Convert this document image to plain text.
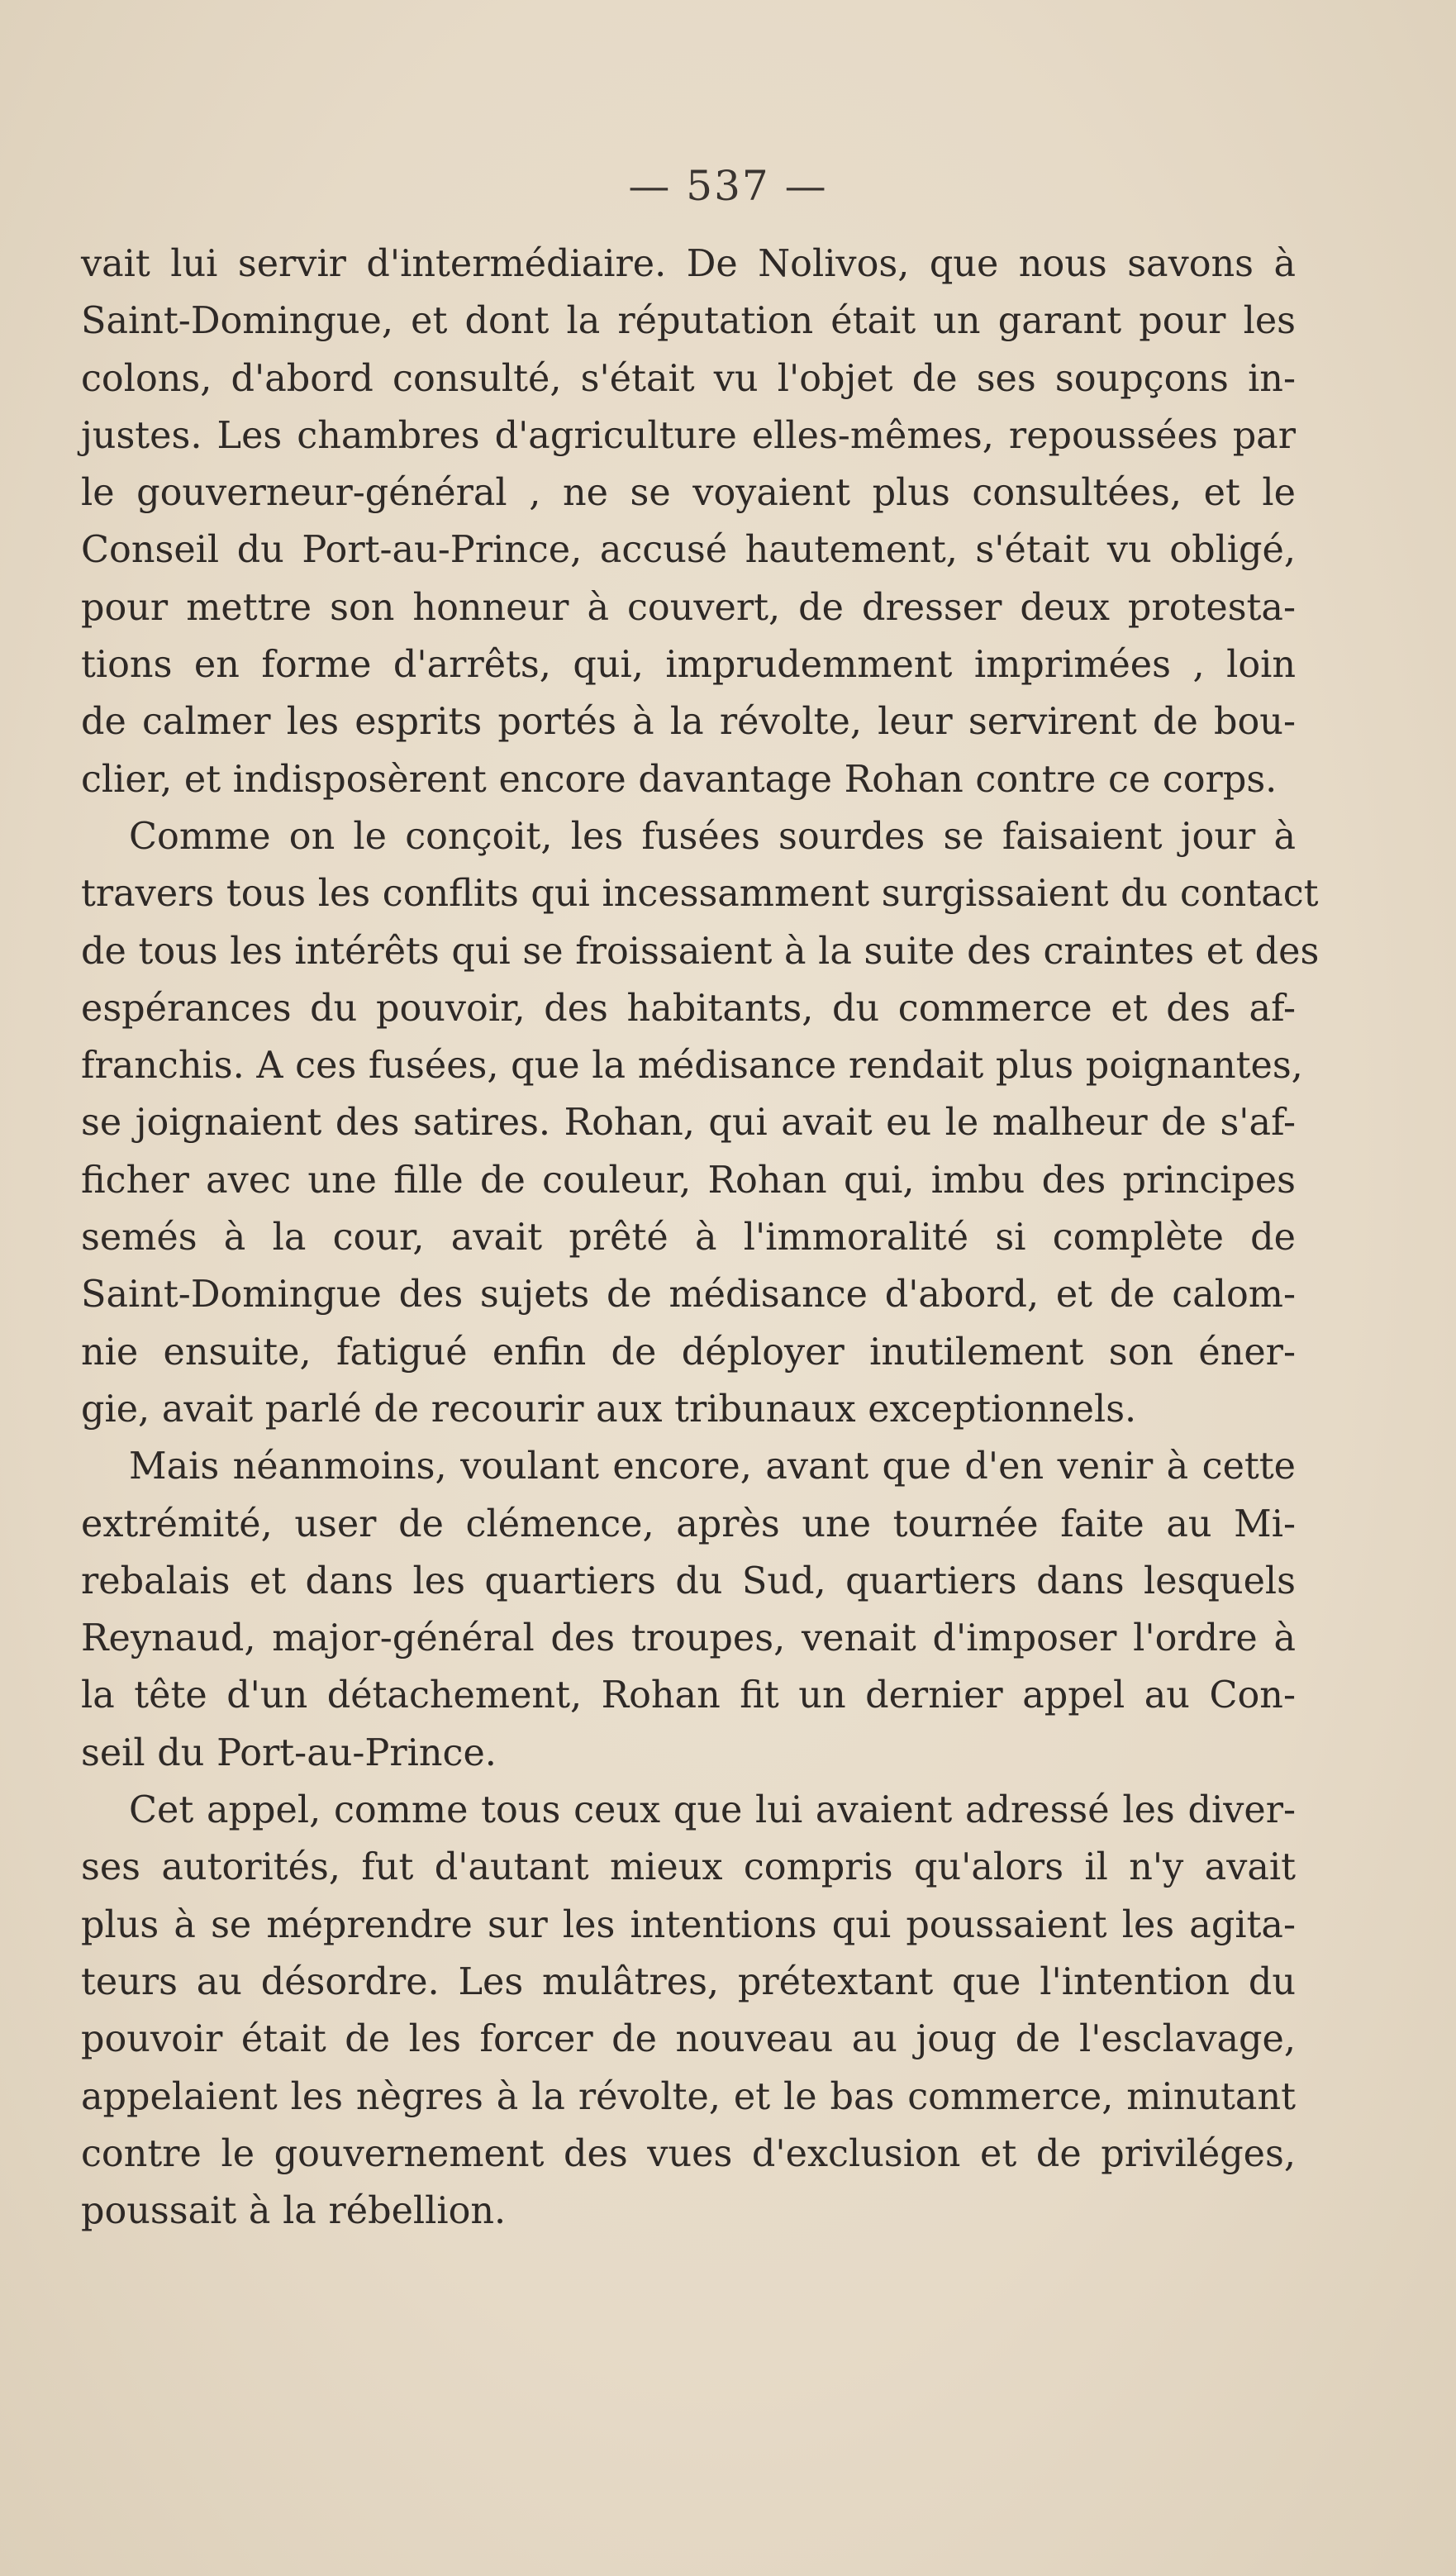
— 537 —
vait lui servir d'intermédiaire. De Nolivos, que nous savons à
Saint-Domingue, et dont la réputation était un garant pour les
colons, d'abord consulté, s'était vu l'objet de ses soupçons in-
justes. Les chambres d'agriculture elles-mêmes, repoussées par
le gouverneur-général , ne se voyaient plus consultées, et le
Conseil du Port-au-Prince, accusé hautement, s'était vu obligé,
pour mettre son honneur à couvert, de dresser deux protesta-
tions en forme d'arrêts, qui, imprudemment imprimées , loin
de calmer les esprits portés à la révolte, leur servirent de bou-
clier, et indisposèrent encore davantage Rohan contre ce corps.
Comme on le conçoit, les fusées sourdes se faisaient jour à
travers tous les conflits qui incessamment surgissaient du contact
de tous les intérêts qui se froissaient à la suite des craintes et des
espérances du pouvoir, des habitants, du commerce et des af-
franchis. A ces fusées, que la médisance rendait plus poignantes,
se joignaient des satires. Rohan, qui avait eu le malheur de s'af-
ficher avec une fille de couleur, Rohan qui, imbu des principes
semés à la cour, avait prêté à l'immoralité si complète de
Saint-Domingue des sujets de médisance d'abord, et de calom-
nie ensuite, fatigué enfin de déployer inutilement son éner-
gie, avait parlé de recourir aux tribunaux exceptionnels.
Mais néanmoins, voulant encore, avant que d'en venir à cette
extrémité, user de clémence, après une tournée faite au Mi-
rebalais et dans les quartiers du Sud, quartiers dans lesquels
Reynaud, major-général des troupes, venait d'imposer l'ordre à
la tête d'un détachement, Rohan fit un dernier appel au Con-
seil du Port-au-Prince.
Cet appel, comme tous ceux que lui avaient adressé les diver-
ses autorités, fut d'autant mieux compris qu'alors il n'y avait
plus à se méprendre sur les intentions qui poussaient les agita-
teurs au désordre. Les mulâtres, prétextant que l'intention du
pouvoir était de les forcer de nouveau au joug de l'esclavage,
appelaient les nègres à la révolte, et le bas commerce, minutant
contre le gouvernement des vues d'exclusion et de priviléges,
poussait à la rébellion.
